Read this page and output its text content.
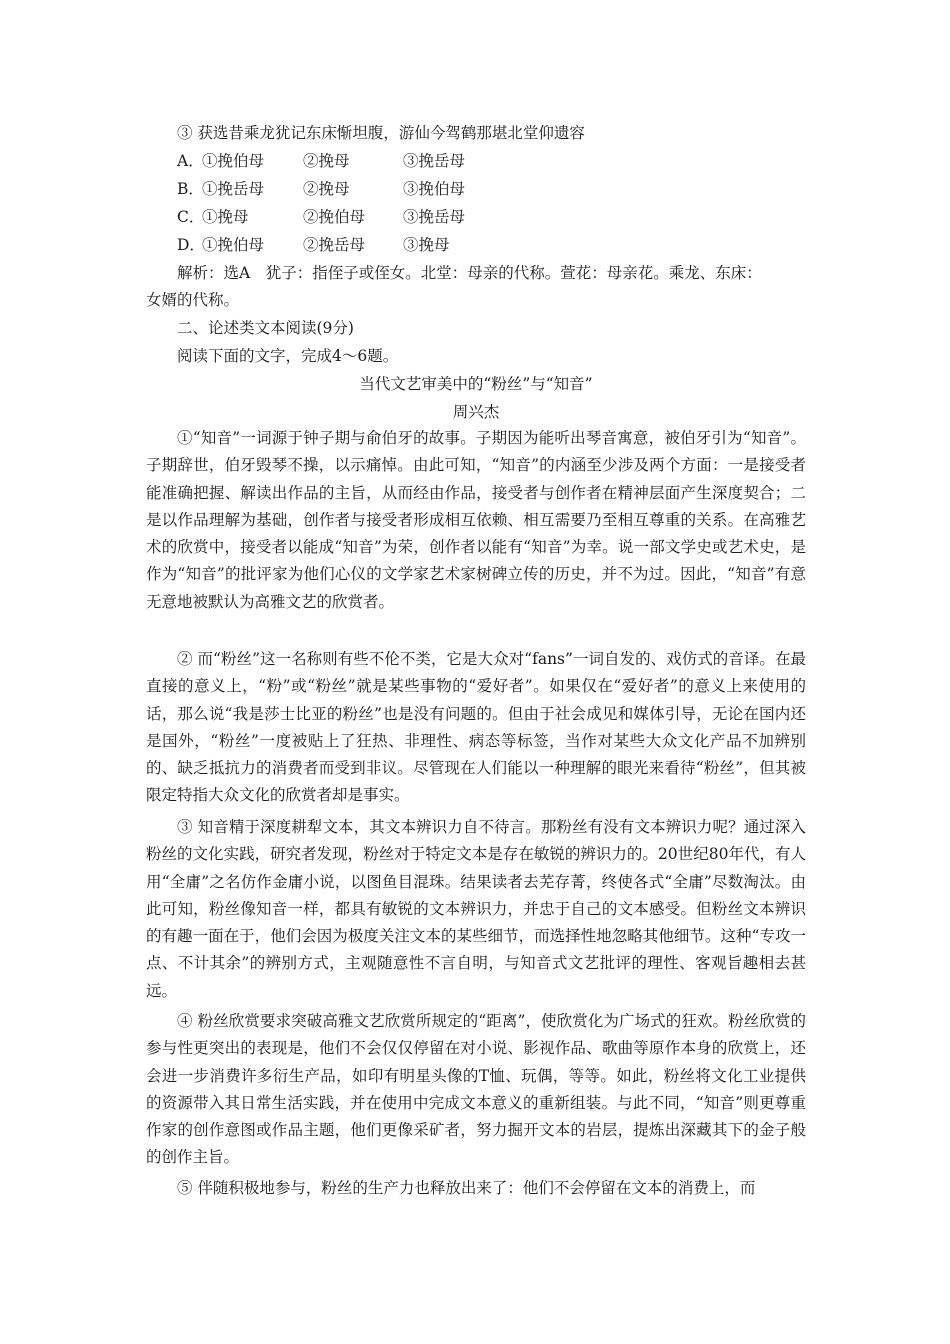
③ 获选昔乘龙犹记东床惭坦腹，游仙今驾鹤那堪北堂仰遗容
A．
①挽伯母	②挽母	③挽岳母
B．
①挽岳母	②挽母	③挽伯母
C．
①挽母	②挽伯母 ③挽岳母
D．
①挽伯母	②挽岳母 ③挽母
解析：选A　犹子：指侄子或侄女。北堂：母亲的代称。萱花：母亲花。乘龙、东床：
女婿的代称。
二、论述类文本阅读(9分)
阅读下面的文字，完成4～6题。
当代文艺审美中的“粉丝”与“知音”
周兴杰

①“知音”一词源于钟子期与俞伯牙的故事。子期因为能听出琴音寓意，被伯牙引为“知音”。子期辞世，伯牙毁琴不操，以示痛悼。由此可知，“知音”的内涵至少涉及两个方面：一是接受者能准确把握、解读出作品的主旨，从而经由作品，接受者与创作者在精神层面产生深度契合；二是以作品理解为基础，创作者与接受者形成相互依赖、相互需要乃至相互尊重的关系。在高雅艺术的欣赏中，接受者以能成“知音”为荣，创作者以能有“知音”为幸。说一部文学史或艺术史，是作为“知音”的批评家为他们心仪的文学家艺术家树碑立传的历史，并不为过。因此，“知音”有意无意地被默认为高雅文艺的欣赏者。

② 而“粉丝”这一名称则有些不伦不类，它是大众对“fans”一词自发的、戏仿式的音译。在最直接的意义上，“粉”或“粉丝”就是某些事物的“爱好者”。如果仅在“爱好者”的意义上来使用的话，那么说“我是莎士比亚的粉丝”也是没有问题的。但由于社会成见和媒体引导，无论在国内还是国外，“粉丝”一度被贴上了狂热、非理性、病态等标签，当作对某些大众文化产品不加辨别的、缺乏抵抗力的消费者而受到非议。尽管现在人们能以一种理解的眼光来看待“粉丝”，但其被限定特指大众文化的欣赏者却是事实。

③ 知音精于深度耕犁文本，其文本辨识力自不待言。那粉丝有没有文本辨识力呢？通过深入粉丝的文化实践，研究者发现，粉丝对于特定文本是存在敏锐的辨识力的。20世纪80年代，有人用“全庸”之名仿作金庸小说，以图鱼目混珠。结果读者去芜存菁，终使各式“全庸”尽数淘汰。由此可知，粉丝像知音一样，都具有敏锐的文本辨识力，并忠于自己的文本感受。但粉丝文本辨识的有趣一面在于，他们会因为极度关注文本的某些细节，而选择性地忽略其他细节。这种“专攻一点、不计其余”的辨别方式，主观随意性不言自明，与知音式文艺批评的理性、客观旨趣相去甚远。

④ 粉丝欣赏要求突破高雅文艺欣赏所规定的“距离”，使欣赏化为广场式的狂欢。粉丝欣赏的参与性更突出的表现是，他们不会仅仅停留在对小说、影视作品、歌曲等原作本身的欣赏上，还会进一步消费许多衍生产品，如印有明星头像的T恤、玩偶，等等。如此，粉丝将文化工业提供的资源带入其日常生活实践，并在使用中完成文本意义的重新组装。与此不同，“知音”则更尊重作家的创作意图或作品主题，他们更像采矿者，努力掘开文本的岩层，提炼出深藏其下的金子般的创作主旨。

⑤ 伴随积极地参与，粉丝的生产力也释放出来了：他们不会停留在文本的消费上，而
